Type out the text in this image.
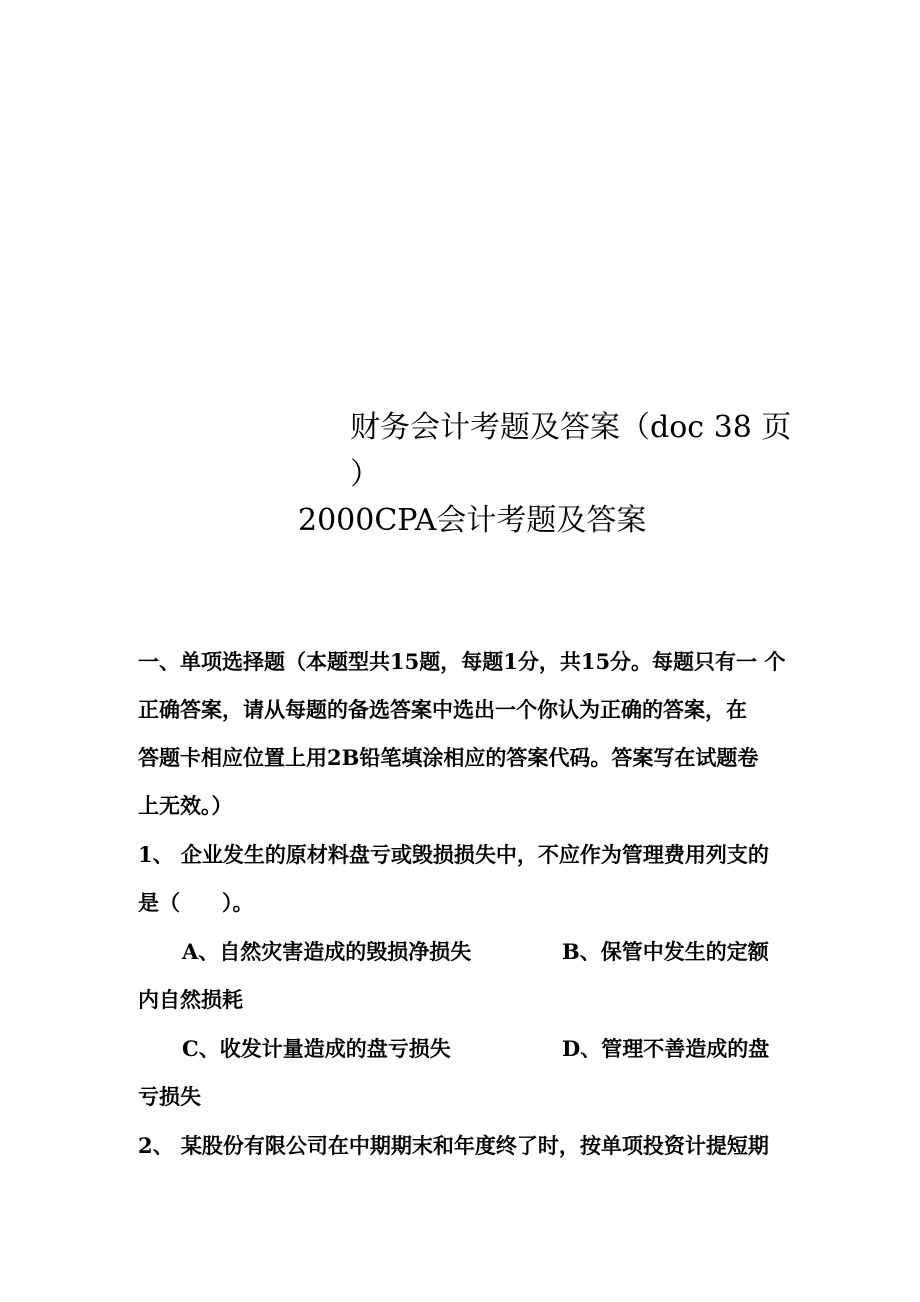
财务会计考题及答案（doc 38 页
）
2000CPA会计考题及答案
一、单项选择题（本题型共15题，每题1分，共15分。每题只有一 个
正确答案，请从每题的备选答案中选出一个你认为正确的答案，在
答题卡相应位置上用2B铅笔填涂相应的答案代码。答案写在试题卷
上无效。）
1、 企业发生的原材料盘亏或毁损损失中，不应作为管理费用列支的
是（　　）。
A、自然灾害造成的毁损净损失	B、保管中发生的定额
内自然损耗
C、收发计量造成的盘亏损失	D、管理不善造成的盘
亏损失
2、 某股份有限公司在中期期末和年度终了时，按单项投资计提短期
